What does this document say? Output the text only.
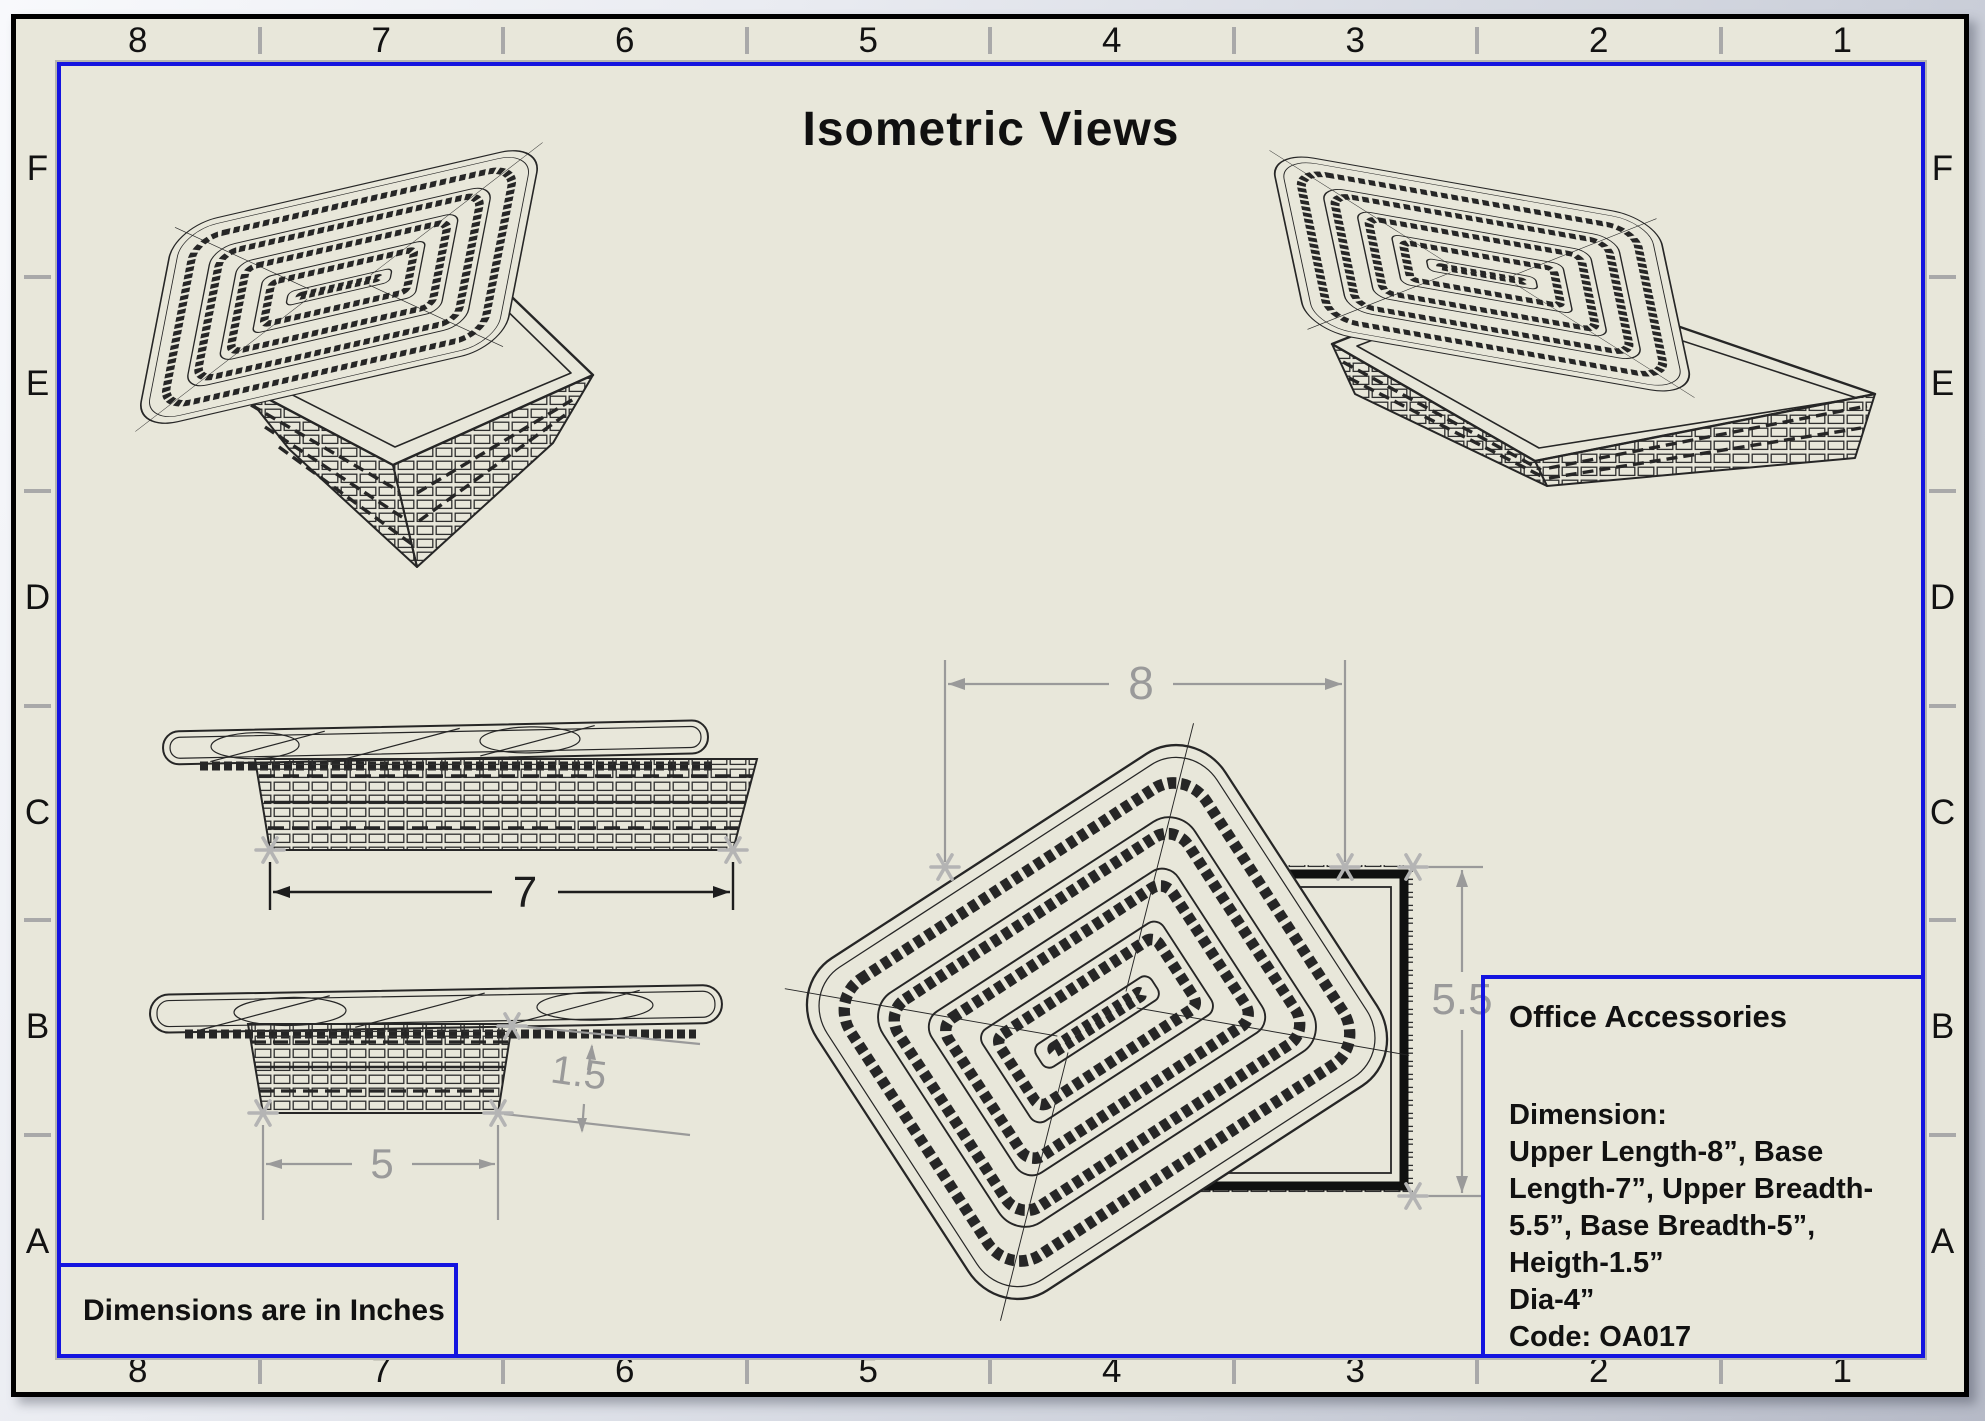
8	7	6	5	4	3	2	1
8	7	6	5	4	3	2	1
F
E
D
C
B
A
F
E
D
C
B
A
Isometric Views
7
5
1.5
8
5.5
Dimensions are in Inches
Office Accessories
Dimension:
Upper Length-8”, Base
Length-7”, Upper Breadth-
5.5”, Base Breadth-5”,
Heigth-1.5”
Dia-4”
Code: OA017
